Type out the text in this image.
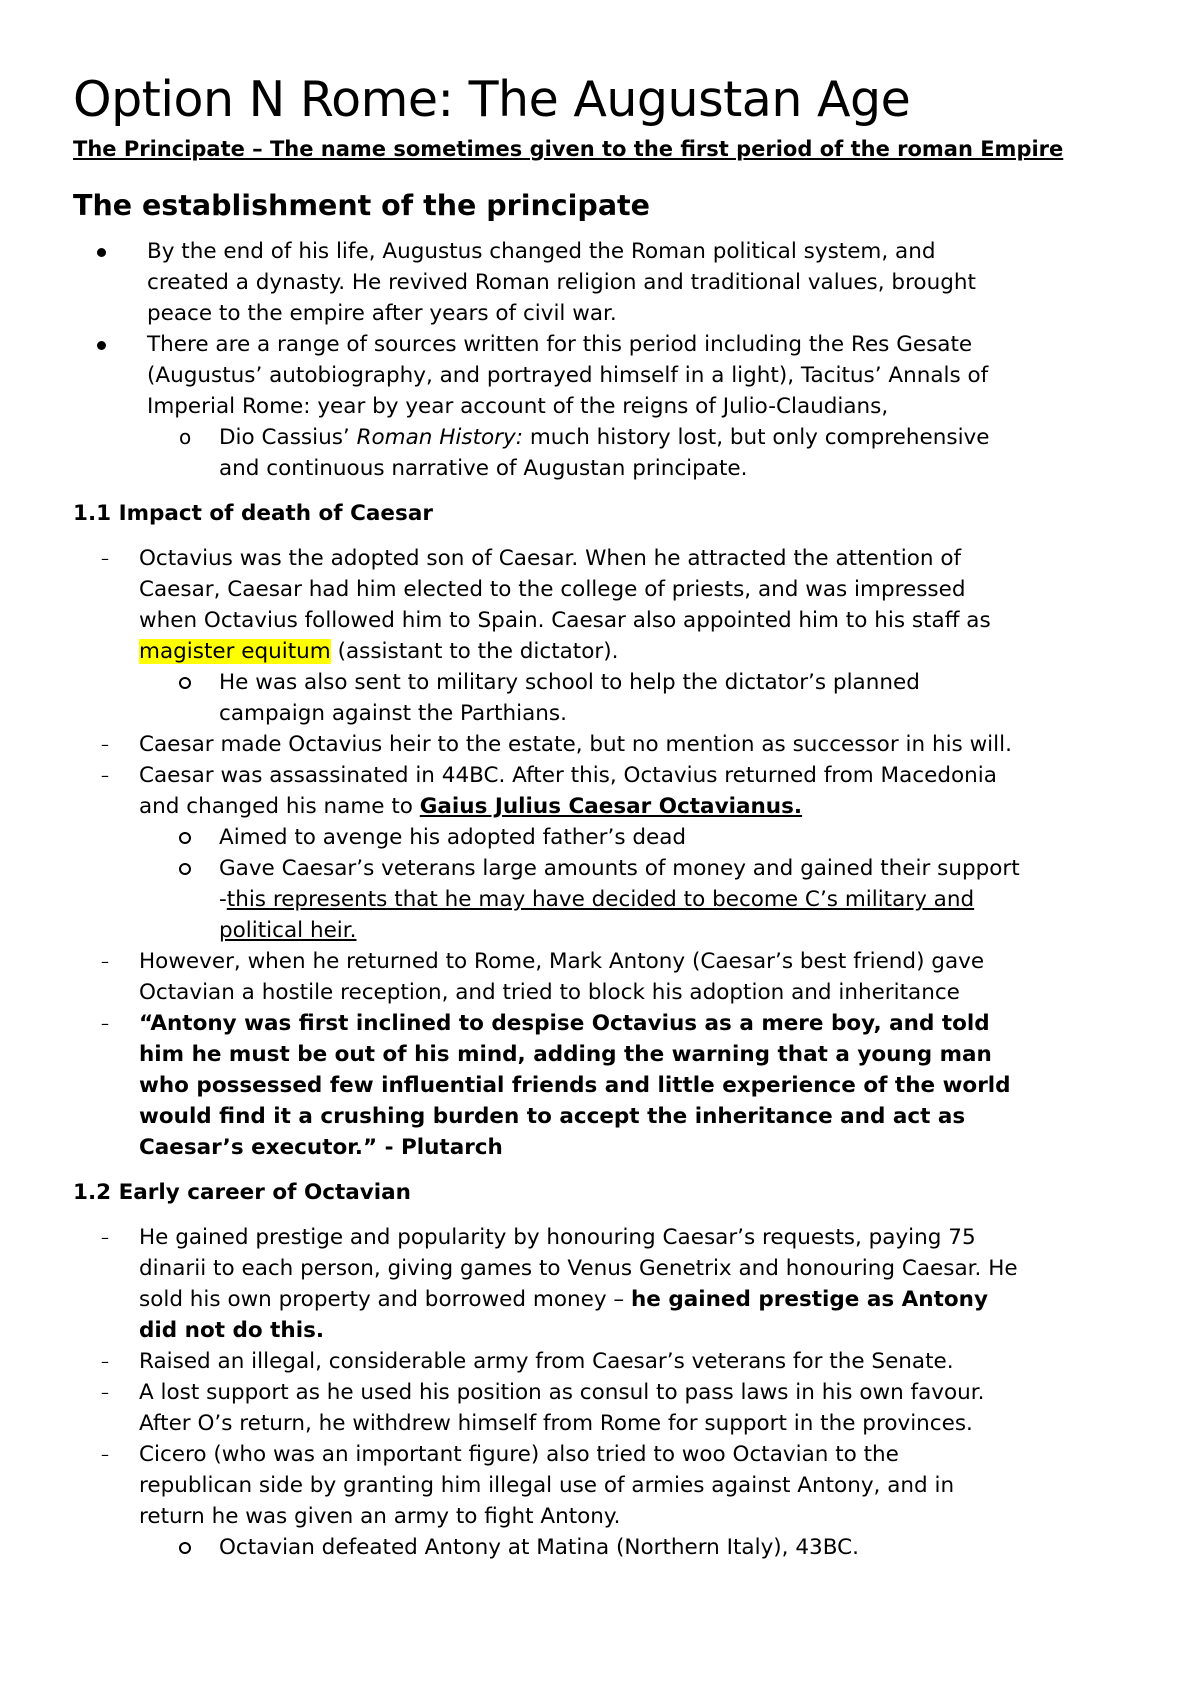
Option N Rome: The Augustan Age
The Principate – The name sometimes given to the first period of the roman Empire
The establishment of the principate
By the end of his life, Augustus changed the Roman political system, and
created a dynasty. He revived Roman religion and traditional values, brought
peace to the empire after years of civil war.
There are a range of sources written for this period including the Res Gesate
(Augustus’ autobiography, and portrayed himself in a light), Tacitus’ Annals of
Imperial Rome: year by year account of the reigns of Julio-Claudians,
o Dio Cassius’ Roman History: much history lost, but only comprehensive
and continuous narrative of Augustan principate.
1.1 Impact of death of Caesar
– Octavius was the adopted son of Caesar. When he attracted the attention of
Caesar, Caesar had him elected to the college of priests, and was impressed
when Octavius followed him to Spain. Caesar also appointed him to his staff as
magister equitum (assistant to the dictator).
He was also sent to military school to help the dictator’s planned
campaign against the Parthians.
– Caesar made Octavius heir to the estate, but no mention as successor in his will.
– Caesar was assassinated in 44BC. After this, Octavius returned from Macedonia
and changed his name to Gaius Julius Caesar Octavianus.
Aimed to avenge his adopted father’s dead
Gave Caesar’s veterans large amounts of money and gained their support
-this represents that he may have decided to become C’s military and
political heir.
– However, when he returned to Rome, Mark Antony (Caesar’s best friend) gave
Octavian a hostile reception, and tried to block his adoption and inheritance
– “Antony was first inclined to despise Octavius as a mere boy, and told
him he must be out of his mind, adding the warning that a young man
who possessed few influential friends and little experience of the world
would find it a crushing burden to accept the inheritance and act as
Caesar’s executor.” - Plutarch
1.2 Early career of Octavian
– He gained prestige and popularity by honouring Caesar’s requests, paying 75
dinarii to each person, giving games to Venus Genetrix and honouring Caesar. He
sold his own property and borrowed money – he gained prestige as Antony
did not do this.
– Raised an illegal, considerable army from Caesar’s veterans for the Senate.
– A lost support as he used his position as consul to pass laws in his own favour.
After O’s return, he withdrew himself from Rome for support in the provinces.
– Cicero (who was an important figure) also tried to woo Octavian to the
republican side by granting him illegal use of armies against Antony, and in
return he was given an army to fight Antony.
Octavian defeated Antony at Matina (Northern Italy), 43BC.
